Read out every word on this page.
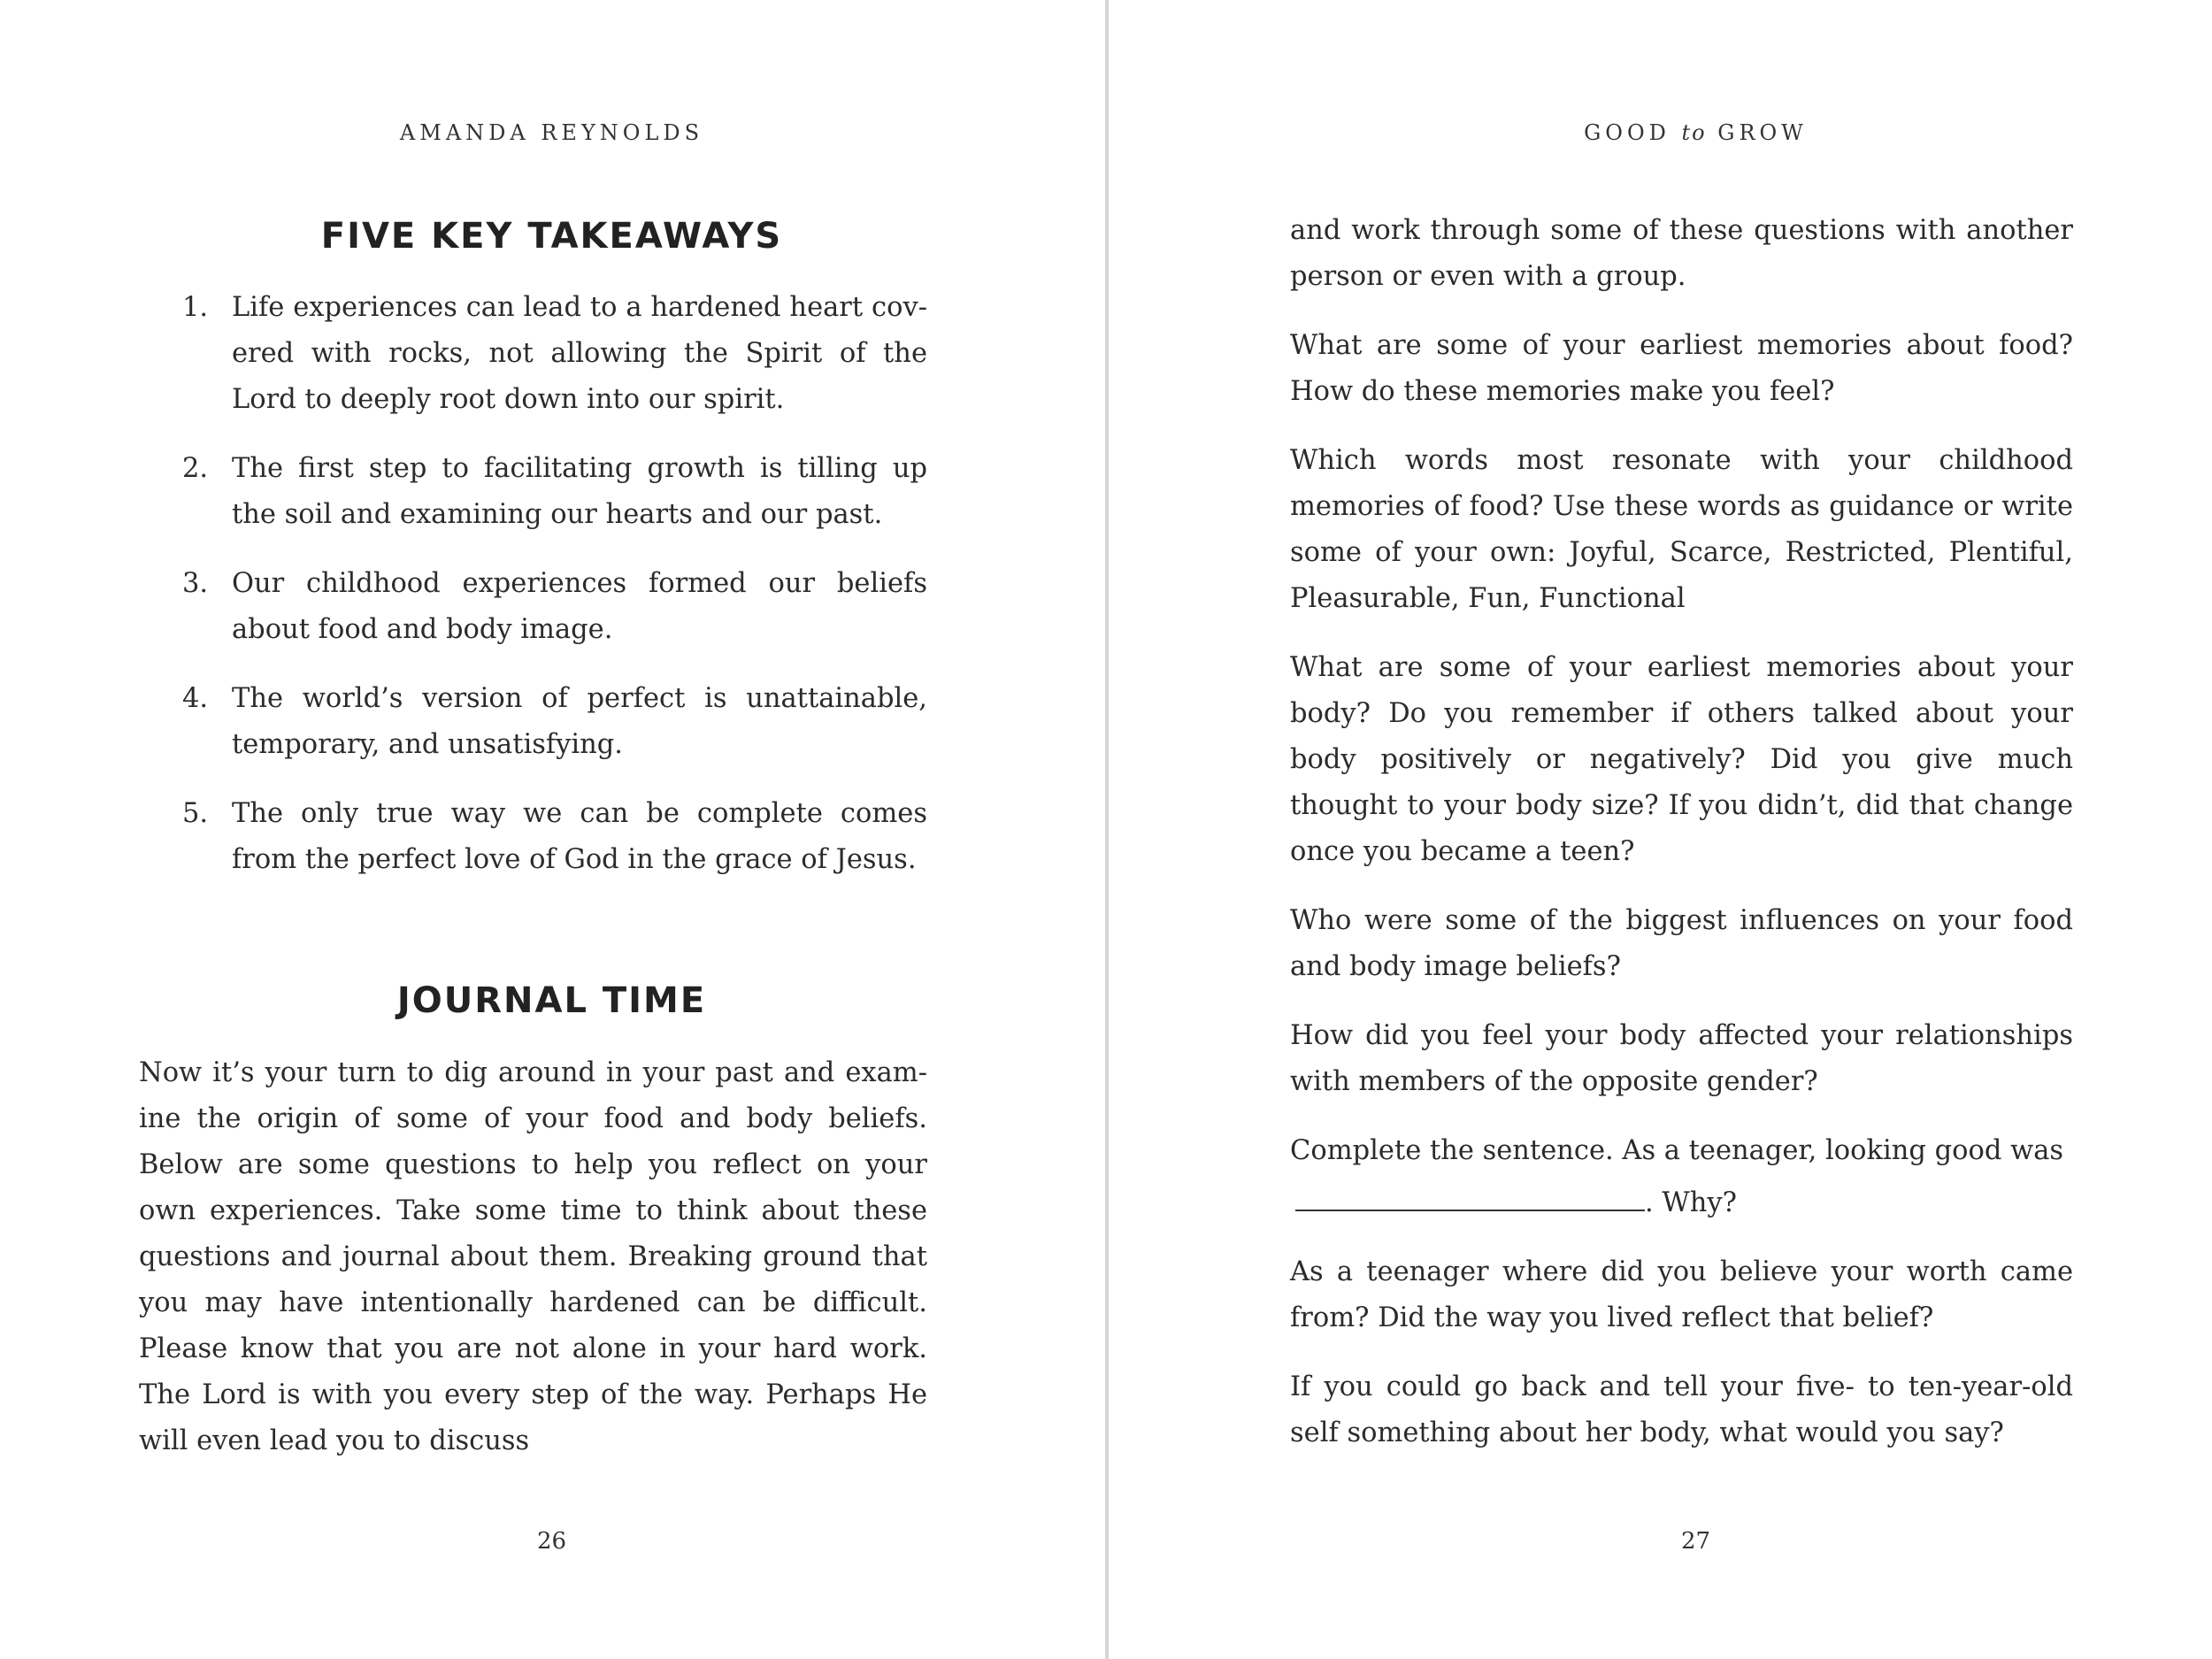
AMANDA REYNOLDS
FIVE KEY TAKEAWAYS
1. Life experiences can lead to a hardened heart covered with rocks, not allowing the Spirit of the Lord to deeply root down into our spirit.
2. The first step to facilitating growth is tilling up the soil and examining our hearts and our past.
3. Our childhood experiences formed our beliefs about food and body image.
4. The world’s version of perfect is unattainable, temporary, and unsatisfying.
5. The only true way we can be complete comes from the perfect love of God in the grace of Jesus.
JOURNAL TIME

Now it’s your turn to dig around in your past and examine the origin of some of your food and body beliefs. Below are some questions to help you reflect on your own experiences. Take some time to think about these questions and journal about them. Breaking ground that you may have intentionally hardened can be difficult. Please know that you are not alone in your hard work. The Lord is with you every step of the way. Perhaps He will even lead you to discuss

26
GOOD to GROW

and work through some of these questions with another person or even with a group.

What are some of your earliest memories about food? How do these memories make you feel?

Which words most resonate with your childhood memories of food? Use these words as guidance or write some of your own: Joyful, Scarce, Restricted, Plentiful, Pleasurable, Fun, Functional

What are some of your earliest memories about your body? Do you remember if others talked about your body positively or negatively? Did you give much thought to your body size? If you didn’t, did that change once you became a teen?

Who were some of the biggest influences on your food and body image beliefs?

How did you feel your body affected your relationships with members of the opposite gender?

Complete the sentence. As a teenager, looking good was . Why?

As a teenager where did you believe your worth came from? Did the way you lived reflect that belief?

If you could go back and tell your five- to ten-year-old self something about her body, what would you say?

27
